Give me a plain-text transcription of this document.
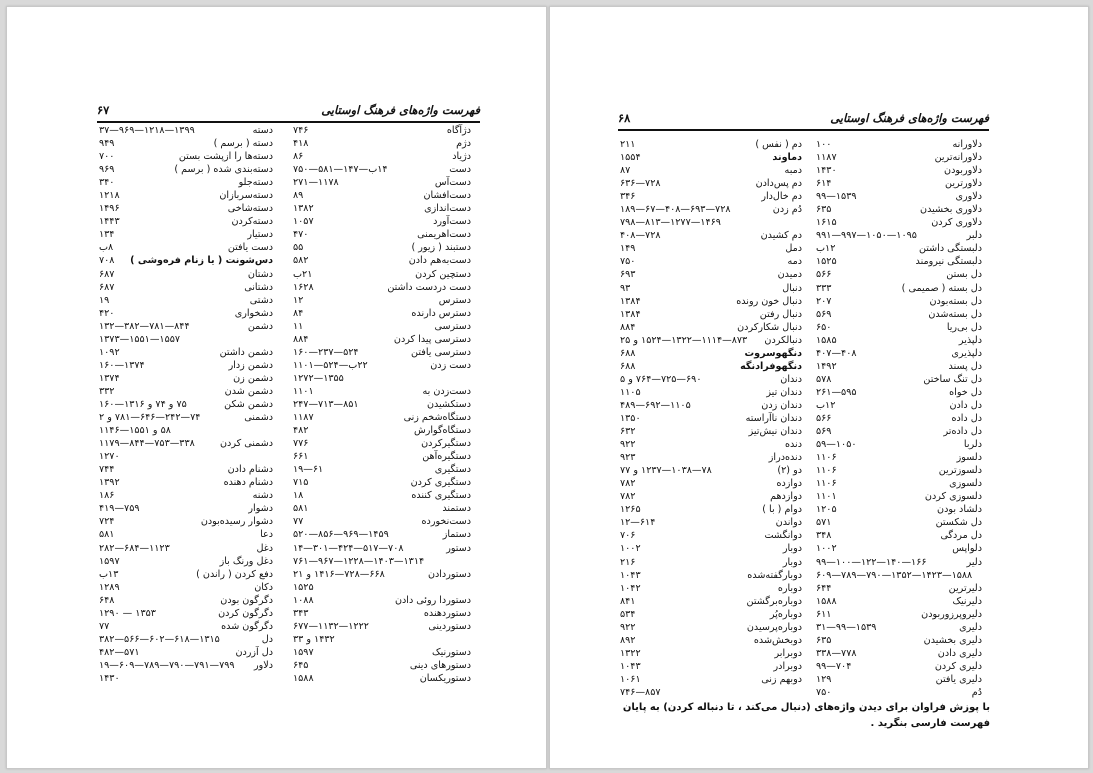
۶۷	فهرست واژه‌های فرهنگ اوستایی
دژآگاه
۷۴۶
دژم
۴۱۸
دژیاد
۸۶
دست
۱۴ب—۱۴۷—۵۸۱—۷۵۰
دست‌آس
۲۷۱—۱۱۷۸
دست‌افشان
۸۹
دست‌اندازی
۱۳۸۲
دست‌آورد
۱۰۵۷
دست‌اهریمنی
۴۷۰
دستبند ( زیور )
۵۵
دست‌به‌هم دادن
۵۸۲
دستچین کردن
۲۱ب
دست دردست داشتن
۱۶۲۸
دسترس
۱۲
دسترس دارنده
۸۴
دسترسی
۱۱
دسترسی پیدا کردن
۸۸۴
دسترسی یافتن
۱۶۰—۲۳۷—۵۲۴
دست زدن
۲۲ب—۵۲۴—۱۱۰۱
۱۲۷۲—۱۳۵۵
دست‌زدن به
۱۱۰۱
دستکشیدن
۲۴۷—۷۱۳—۸۵۱
دستگاه‌شخم زنی
۱۱۸۷
دستگاه‌گوارش
۴۸۲
دستگیرکردن
۷۷۶
دستگیره‌آهن
۶۶۱
دستگیری
۱۹—۶۱
دستگیری کردن
۷۱۵
دستگیری کننده
۱۸
دستمند
۵۸۱
دست‌نخورده
۷۷
دستماز
۵۲۰—۸۵۶—۹۶۹—۱۴۵۹
دستور
۱۴—۳۰۱—۴۲۴—۵۱۷—۷۰۸
۷۶۱—۹۶۷—۱۲۲۸—۱۴۰۳—۱۳۱۴
دستوردادن
۶۶۸—۷۲۸—۱۴۱۶ و ۲۱
۱۵۲۵
دستوردا روئی دادن
۱۰۸۸
دستوردهنده
۳۴۳
دستوردینی
۶۷۷—۱۱۳۲—۱۲۲۲
۱۴۳۲ و ۳۳
دستورنیک
۱۵۹۷
دستورهای دینی
۶۴۵
دستوریکسان
۱۵۸۸
دسته
۳۷—۹۶۹—۱۲۱۸—۱۳۹۹
دسته ( برسم )
۹۴۹
دسته‌ها را ازپشت بستن
۷۰۰
دسته‌بندی شده ( برسم )
۹۶۹
دسته‌جلو
۳۴۰
دسته‌سربازان
۱۲۱۸
دسته‌شاخی
۱۴۹۶
دسته‌کردن
۱۴۴۳
دستیار
۱۳۴
دست یافتن
۸ب
دس‌شونت ( یا زنام فره‌وشی )
۷۰۸
دشتان
۶۸۷
دشتانی
۶۸۷
دشتی
۱۹
دشخواری
۴۲۰
دشمن
۱۳۲—۳۸۲—۷۸۱—۸۴۴
۱۳۷۳—۱۵۵۱—۱۵۵۷
دشمن داشتن
۱۰۹۲
دشمن زدار
۱۶۰—۱۳۷۴
دشمن زن
۱۳۷۴
دشمن شدن
۳۳۲
دشمن شکن
۷۵ و ۷۴ و ۱۳۱۶—۱۶۰
دشمنی
۷۴—۲۴۲—۶۴۶—۷۸۱ و ۲
۵۸ و ۱۵۵۱—۱۱۴۶
دشمنی کردن
۱۱۷۹—۸۴۴—۷۵۳—۳۳۸
۱۲۷۰
دشنام دادن
۷۴۴
دشنام دهنده
۱۳۹۲
دشنه
۱۸۶
دشوار
۴۱۹—۷۵۹
دشوار رسیده‌بودن
۷۲۴
دعا
۵۸۱
دغل
۲۸۲—۶۸۴—۱۱۲۳
دغل ورنگ باز
۱۵۹۷
دفع کردن ( راندن )
۱۳ب
دکان
۱۲۸۹
دگرگون بودن
۶۴۸
دگرگون کردن
۱۲۹۰ — ۱۳۵۳
دگرگون شده
۷۷
دل
۳۸۲—۵۶۶—۶۰۲—۶۱۸—۱۳۱۵
دل آزردن
۴۸۲—۵۷۱
دلاور
۱۹—۶۰۹—۷۸۹—۷۹۰—۷۹۱—۷۹۹
۱۴۳۰
۶۸	فهرست واژه‌های فرهنگ اوستایی
دلاورانه
۱۰۰
دلاورانه‌ترین
۱۱۸۷
دلاوربودن
۱۴۳۰
دلاورترین
۶۱۴
دلاوری
۹۹—۱۵۳۹
دلاوری بخشیدن
۶۳۵
دلاوری کردن
۱۶۱۵
دلبر
۹۹۱—۹۹۷—۱۰۵۰—۱۰۹۵
دلبستگی داشتن
۱۲ب
دلبستگی نیرومند
۱۵۲۵
دل بستن
۵۶۶
دل بسته ( صمیمی )
۳۳۳
دل بسته‌بودن
۲۰۷
دل بسته‌شدن
۵۶۹
دل بی‌ریا
۶۵۰
دلپذیر
۱۵۸۵
دلپذیری
۴۰۷—۴۰۸
دل پسند
۱۴۹۲
دل تنگ ساختن
۵۷۸
دل خواه
۲۶۱—۵۹۵
دل دادن
۱۲ب
دل داده
۵۶۶
دل داده‌تر
۵۶۹
دلربا
۵۹—۱۰۵۰
دلسوز
۱۱۰۶
دلسوزترین
۱۱۰۶
دلسوزی
۱۱۰۶
دلسوزی کردن
۱۱۰۱
دلشاد بودن
۱۲۰۵
دل شکستن
۵۷۱
دل مردگی
۳۴۸
دلواپس
۱۰۰۲
دلیر
۹۹—۱۰۰—۱۲۲—۱۴۰—۱۶۶
۶۰۹—۷۸۹—۷۹۰—۱۳۵۲—۱۴۲۳—۱۵۸۸
دلیرترین
۶۴۴
دلیرنیک
۱۵۸۸
دلیروپرزوربودن
۶۱۱
دلیری
۳۱—۹۹—۱۵۳۹
دلیری بخشیدن
۶۳۵
دلیری دادن
۳۳۸—۷۷۸
دلیری کردن
۹۹—۷۰۴
دلیری یافتن
۱۲۹
دُم
۷۵۰
دم ( نفس )
۲۱۱
دماوند
۱۵۵۴
دمبه
۸۷
دم پس‌دادن
۶۳۶—۷۲۸
دم خال‌دار
۳۴۶
دُم زدن
۱۸۹—۶۷—۴۰۸—۶۹۳—۷۲۸
۷۹۸—۸۱۳—۱۲۷۷—۱۴۶۹
دم کشیدن
۴۰۸—۷۲۸
دمل
۱۴۹
دمه
۷۵۰
دمیدن
۶۹۳
دنبال
۹۳
دنبال خون رونده
۱۳۸۴
دنبال رفتن
۱۳۸۴
دنبال شکارکردن
۸۸۴
دنبالکردن
۸۷۳—۱۱۱۴—۱۳۲۲—۱۵۲۴ و ۲۵
دنگهوسروت
۶۸۸
دنگهوفرادنگه
۶۸۸
دندان
۶۹۰—۷۲۵—۷۶۴ و ۵
دندان تیز
۱۱۰۵
دندان زدن
۴۸۹—۶۹۲—۱۱۰۵
دندان ناآراسته
۱۳۵۰
دندان نیش‌تیز
۶۳۲
دنده
۹۲۲
دنده‌دراز
۹۲۳
دو (۲)
۷۸—۱۰۳۸—۱۲۳۷ و ۷۷
دوازده
۷۸۲
دوازدهم
۷۸۲
دوام ( با )
۱۲۶۵
دواندن
۱۲—۶۱۴
دوانگشت
۷۰۶
دوبار
۱۰۰۲
دوبار
۲۱۶
دوبارگفته‌شده
۱۰۴۳
دوباره
۱۰۴۲
دوباره‌برگشتن
۸۴۱
دوباره‌پُر
۵۳۴
دوباره‌پرسیدن
۹۲۲
دوبخش‌شده
۸۹۲
دوبرابر
۱۳۲۲
دوبرادر
۱۰۴۳
دوبهم زنی
۱۰۶۱
۷۴۶—۸۵۷
با پوزش فراوان برای دیدن واژه‌های (دنبال می‌کند ، تا دنباله کردن) به پایان فهرست فارسی بنگرید .
